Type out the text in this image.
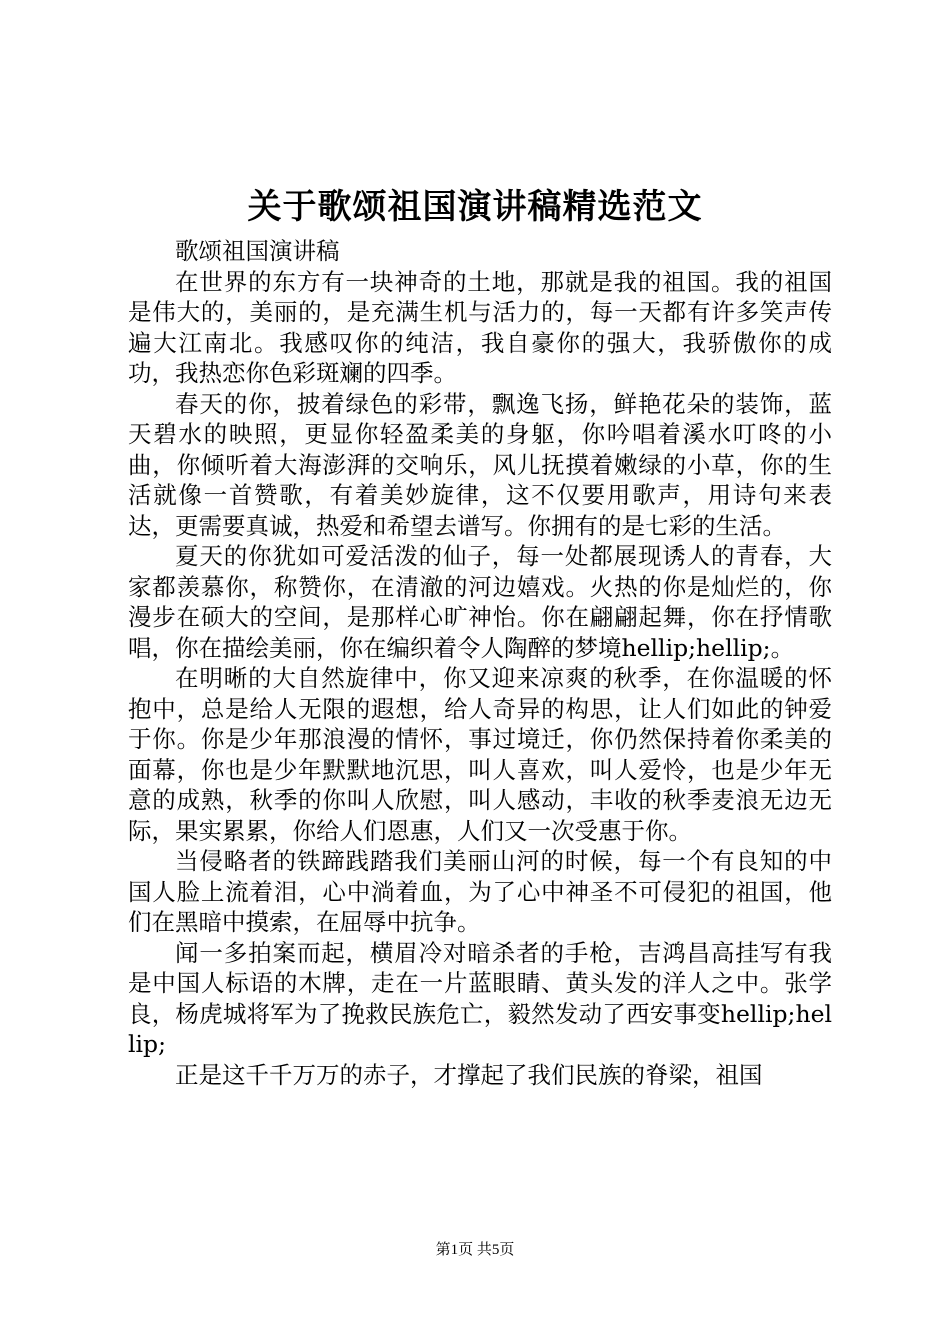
关于歌颂祖国演讲稿精选范文

歌颂祖国演讲稿

在世界的东方有一块神奇的土地，那就是我的祖国。我的祖国是伟大的，美丽的，是充满生机与活力的，每一天都有许多笑声传遍大江南北。我感叹你的纯洁，我自豪你的强大，我骄傲你的成功，我热恋你色彩斑斓的四季。

春天的你，披着绿色的彩带，飘逸飞扬，鲜艳花朵的装饰，蓝天碧水的映照，更显你轻盈柔美的身躯，你吟唱着溪水叮咚的小曲，你倾听着大海澎湃的交响乐，风儿抚摸着嫩绿的小草，你的生活就像一首赞歌，有着美妙旋律，这不仅要用歌声，用诗句来表达，更需要真诚，热爱和希望去谱写。你拥有的是七彩的生活。

夏天的你犹如可爱活泼的仙子，每一处都展现诱人的青春，大家都羡慕你，称赞你，在清澈的河边嬉戏。火热的你是灿烂的，你漫步在硕大的空间，是那样心旷神怡。你在翩翩起舞，你在抒情歌唱，你在描绘美丽，你在编织着令人陶醉的梦境hellip;hellip;。

在明晰的大自然旋律中，你又迎来凉爽的秋季，在你温暖的怀抱中，总是给人无限的遐想，给人奇异的构思，让人们如此的钟爱于你。你是少年那浪漫的情怀，事过境迁，你仍然保持着你柔美的面幕，你也是少年默默地沉思，叫人喜欢，叫人爱怜，也是少年无意的成熟，秋季的你叫人欣慰，叫人感动，丰收的秋季麦浪无边无际，果实累累，你给人们恩惠，人们又一次受惠于你。

当侵略者的铁蹄践踏我们美丽山河的时候，每一个有良知的中国人脸上流着泪，心中淌着血，为了心中神圣不可侵犯的祖国，他们在黑暗中摸索，在屈辱中抗争。

闻一多拍案而起，横眉冷对暗杀者的手枪，吉鸿昌高挂写有我是中国人标语的木牌，走在一片蓝眼睛、黄头发的洋人之中。张学良，杨虎城将军为了挽救民族危亡，毅然发动了西安事变hellip;hellip;

正是这千千万万的赤子，才撑起了我们民族的脊梁，祖国

第1页 共5页
